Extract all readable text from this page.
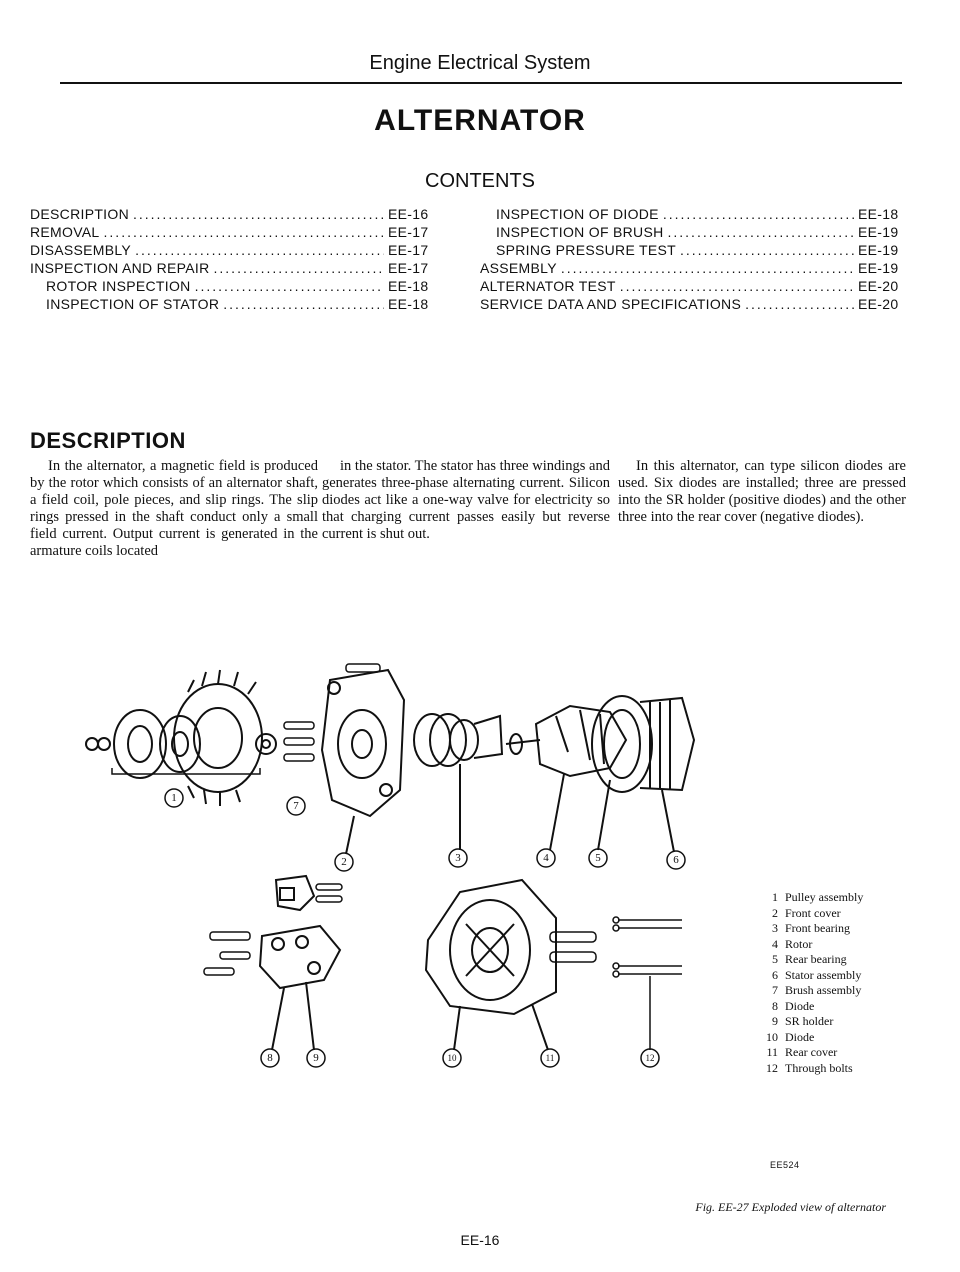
Engine Electrical System
ALTERNATOR
CONTENTS
DESCRIPTION .....	EE-16
REMOVAL .....	EE-17
DISASSEMBLY .....	EE-17
INSPECTION AND REPAIR .....	EE-17
ROTOR INSPECTION .....	EE-18
INSPECTION OF STATOR .....	EE-18
INSPECTION OF DIODE .....	EE-18
INSPECTION OF BRUSH .....	EE-19
SPRING PRESSURE TEST .....	EE-19
ASSEMBLY .....	EE-19
ALTERNATOR TEST .....	EE-20
SERVICE DATA AND SPECIFICATIONS .....	EE-20
DESCRIPTION
In the alternator, a magnetic field is produced by the rotor which consists of an alternator shaft, a field coil, pole pieces, and slip rings. The slip rings pressed in the shaft conduct only a small field current. Output current is generated in the armature coils located
in the stator. The stator has three windings and generates three-phase alternating current. Silicon diodes act like a one-way valve for electricity so that charging current passes easily but reverse current is shut out.
In this alternator, can type silicon diodes are used. Six diodes are installed; three are pressed into the SR holder (positive diodes) and the other three into the rear cover (negative diodes).
1
2	3	4	5	6
7
8	9	10	11	12
1 Pulley assembly
2 Front cover
3 Front bearing
4 Rotor
5 Rear bearing
6 Stator assembly
7 Brush assembly
8 Diode
9 SR holder
10 Diode
11 Rear cover
12 Through bolts
EE524
Fig. EE-27 Exploded view of alternator
EE-16
